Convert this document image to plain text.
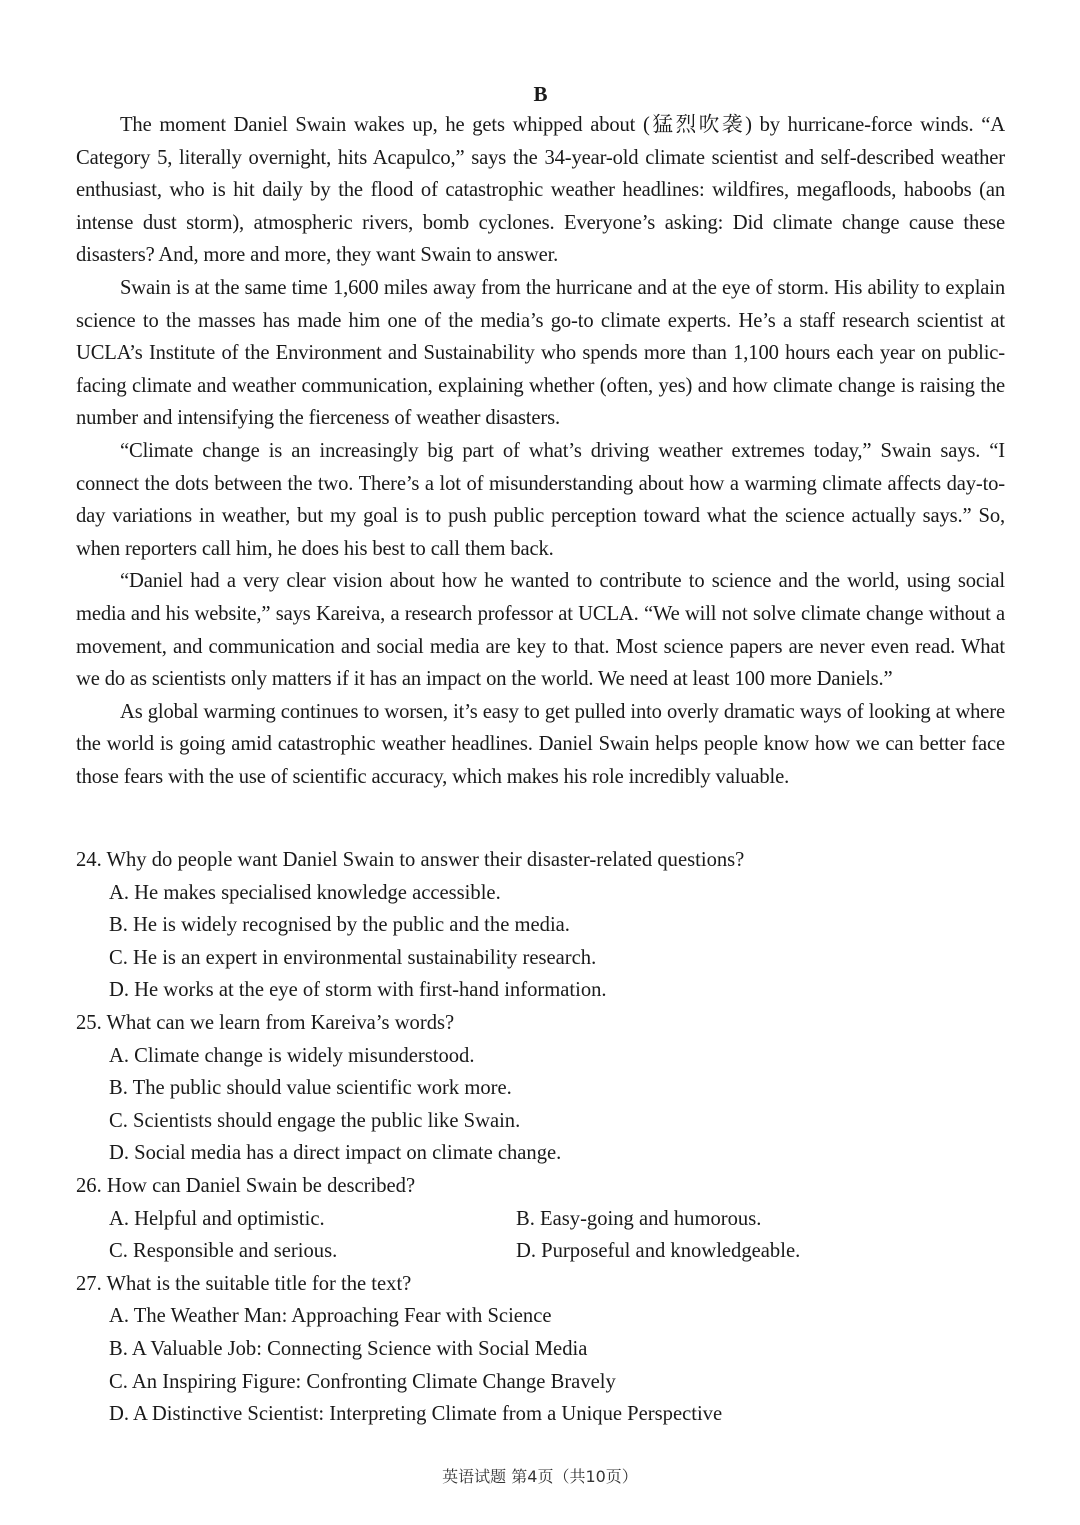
B

The moment Daniel Swain wakes up, he gets whipped about (猛烈吹袭) by hurricane-force winds. “A Category 5, literally overnight, hits Acapulco,” says the 34-year-old climate scientist and self-described weather enthusiast, who is hit daily by the flood of catastrophic weather headlines: wildfires, megafloods, haboobs (an intense dust storm), atmospheric rivers, bomb cyclones. Everyone’s asking: Did climate change cause these disasters? And, more and more, they want Swain to answer.

Swain is at the same time 1,600 miles away from the hurricane and at the eye of storm. His ability to explain science to the masses has made him one of the media’s go-to climate experts. He’s a staff research scientist at UCLA’s Institute of the Environment and Sustainability who spends more than 1,100 hours each year on public-facing climate and weather communication, explaining whether (often, yes) and how climate change is raising the number and intensifying the fierceness of weather disasters.

“Climate change is an increasingly big part of what’s driving weather extremes today,” Swain says. “I connect the dots between the two. There’s a lot of misunderstanding about how a warming climate affects day-to-day variations in weather, but my goal is to push public perception toward what the science actually says.” So, when reporters call him, he does his best to call them back.

“Daniel had a very clear vision about how he wanted to contribute to science and the world, using social media and his website,” says Kareiva, a research professor at UCLA. “We will not solve climate change without a movement, and communication and social media are key to that. Most science papers are never even read. What we do as scientists only matters if it has an impact on the world. We need at least 100 more Daniels.”

As global warming continues to worsen, it’s easy to get pulled into overly dramatic ways of looking at where the world is going amid catastrophic weather headlines. Daniel Swain helps people know how we can better face those fears with the use of scientific accuracy, which makes his role incredibly valuable.

24. Why do people want Daniel Swain to answer their disaster-related questions?

A. He makes specialised knowledge accessible.

B. He is widely recognised by the public and the media.

C. He is an expert in environmental sustainability research.

D. He works at the eye of storm with first-hand information.

25. What can we learn from Kareiva’s words?

A. Climate change is widely misunderstood.

B. The public should value scientific work more.

C. Scientists should engage the public like Swain.

D. Social media has a direct impact on climate change.

26. How can Daniel Swain be described?

A. Helpful and optimistic.	B. Easy-going and humorous.

C. Responsible and serious.	D. Purposeful and knowledgeable.

27. What is the suitable title for the text?

A. The Weather Man: Approaching Fear with Science

B. A Valuable Job: Connecting Science with Social Media

C. An Inspiring Figure: Confronting Climate Change Bravely

D. A Distinctive Scientist: Interpreting Climate from a Unique Perspective

英语试题 第4页（共10页）
